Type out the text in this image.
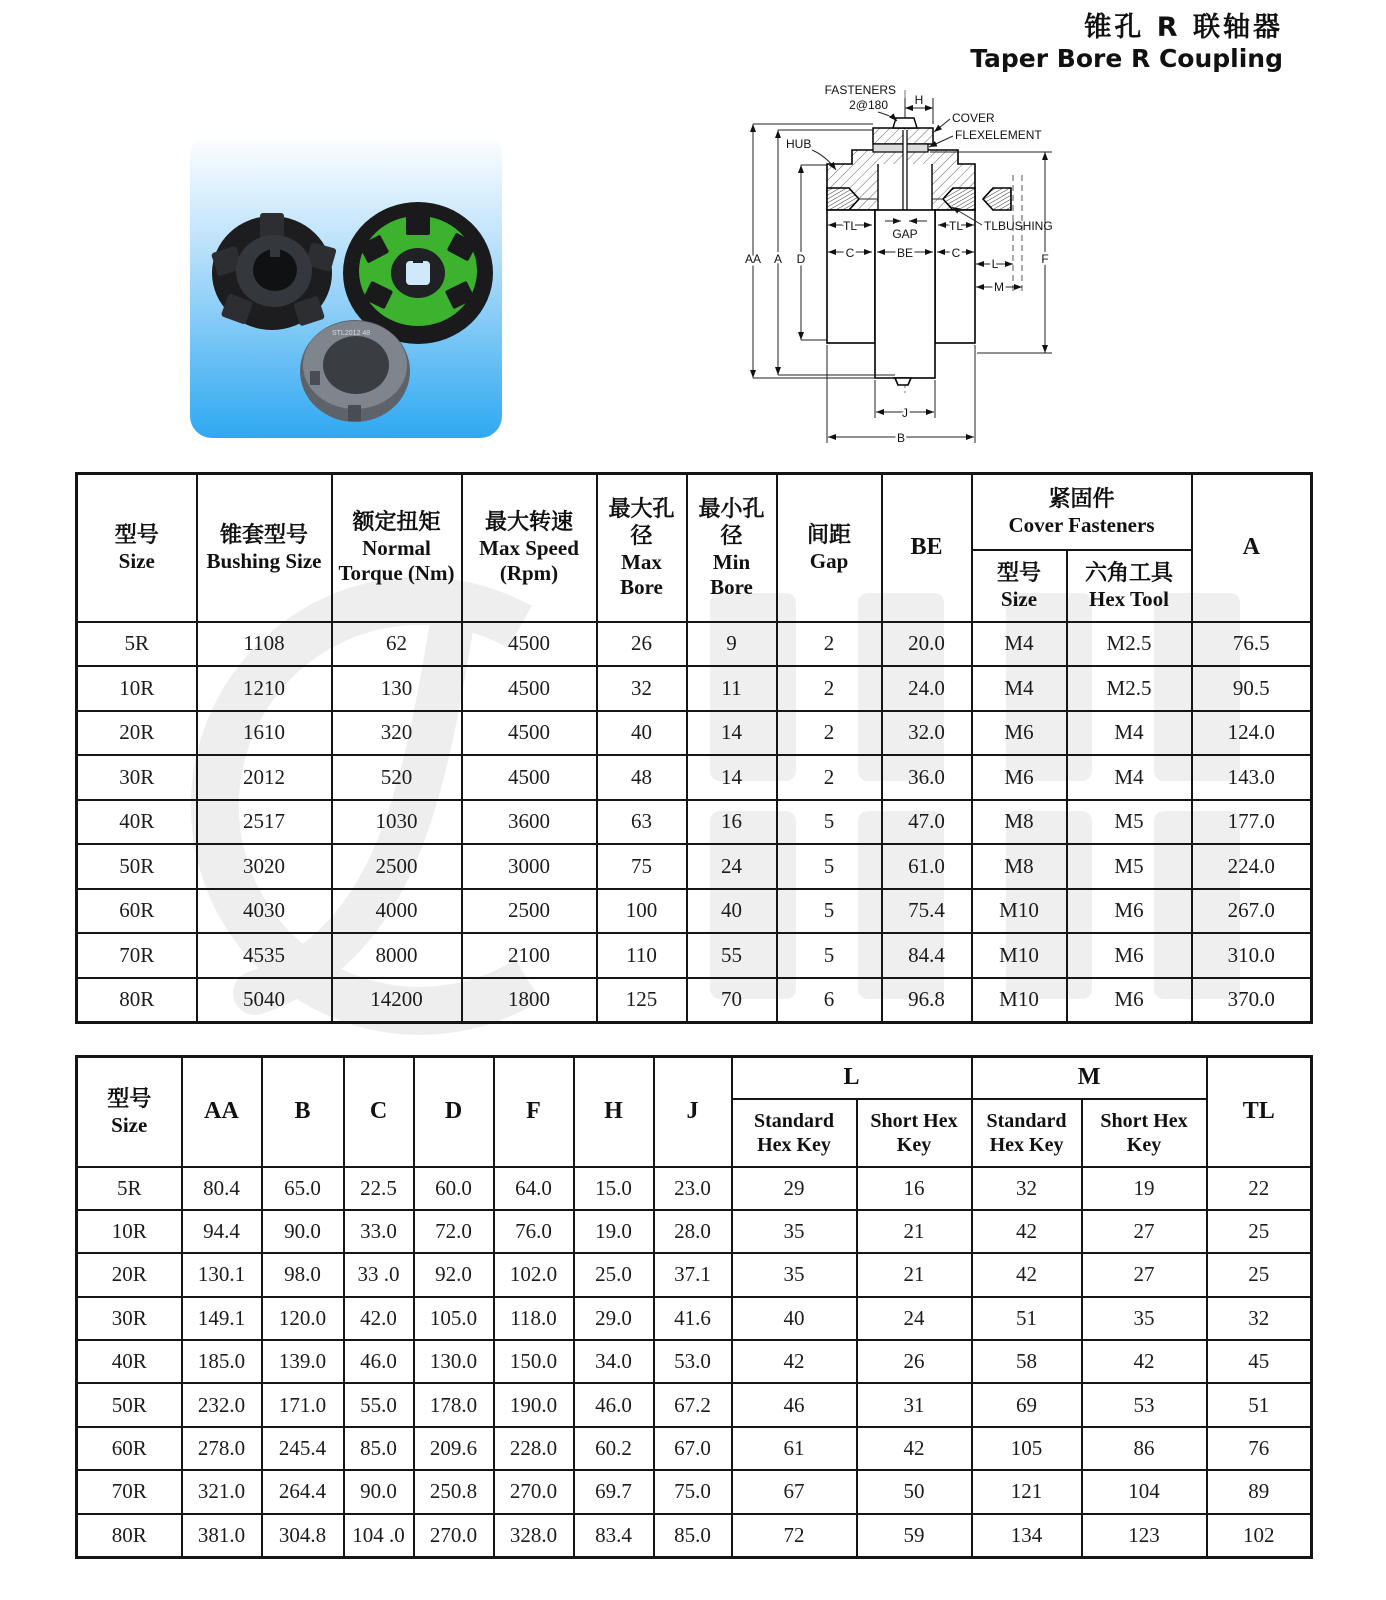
锥孔 R 联轴器
Taper Bore R Coupling
STL2012 48
H
AA A D	F
TL	TL
GAP
C	BE	C
L
M
J
B
FASTENERS
2@180
COVER
FLEXELEMENT
HUB
TLBUSHING
型号
Size	锥套型号
Bushing Size	额定扭矩
Normal Torque (Nm)	最大转速
Max Speed (Rpm)	最大孔径
Max Bore	最小孔径
Min Bore	间距
Gap	BE	紧固件
Cover Fasteners		A

								型号
Size	六角工具
Hex Tool	

5R	1108	62	4500	26	9	2	20.0	M4	M2.5	76.5
10R	1210	130	4500	32	11	2	24.0	M4	M2.5	90.5
20R	1610	320	4500	40	14	2	32.0	M6	M4	124.0
30R	2012	520	4500	48	14	2	36.0	M6	M4	143.0
40R	2517	1030	3600	63	16	5	47.0	M8	M5	177.0
50R	3020	2500	3000	75	24	5	61.0	M8	M5	224.0
60R	4030	4000	2500	100	40	5	75.4	M10	M6	267.0
70R	4535	8000	2100	110	55	5	84.4	M10	M6	310.0
80R	5040	14200	1800	125	70	6	96.8	M10	M6	370.0
型号
Size	AA	B	C	D	F	H	J	L		M		TL
								Standard Hex Key	Short Hex Key	Standard Hex Key	Short Hex Key	
5R	80.4	65.0	22.5	60.0	64.0	15.0	23.0	29	16	32	19	22
10R	94.4	90.0	33.0	72.0	76.0	19.0	28.0	35	21	42	27	25
20R	130.1	98.0	33 .0	92.0	102.0	25.0	37.1	35	21	42	27	25
30R	149.1	120.0	42.0	105.0	118.0	29.0	41.6	40	24	51	35	32
40R	185.0	139.0	46.0	130.0	150.0	34.0	53.0	42	26	58	42	45
50R	232.0	171.0	55.0	178.0	190.0	46.0	67.2	46	31	69	53	51
60R	278.0	245.4	85.0	209.6	228.0	60.2	67.0	61	42	105	86	76
70R	321.0	264.4	90.0	250.8	270.0	69.7	75.0	67	50	121	104	89
80R	381.0	304.8	104 .0	270.0	328.0	83.4	85.0	72	59	134	123	102
